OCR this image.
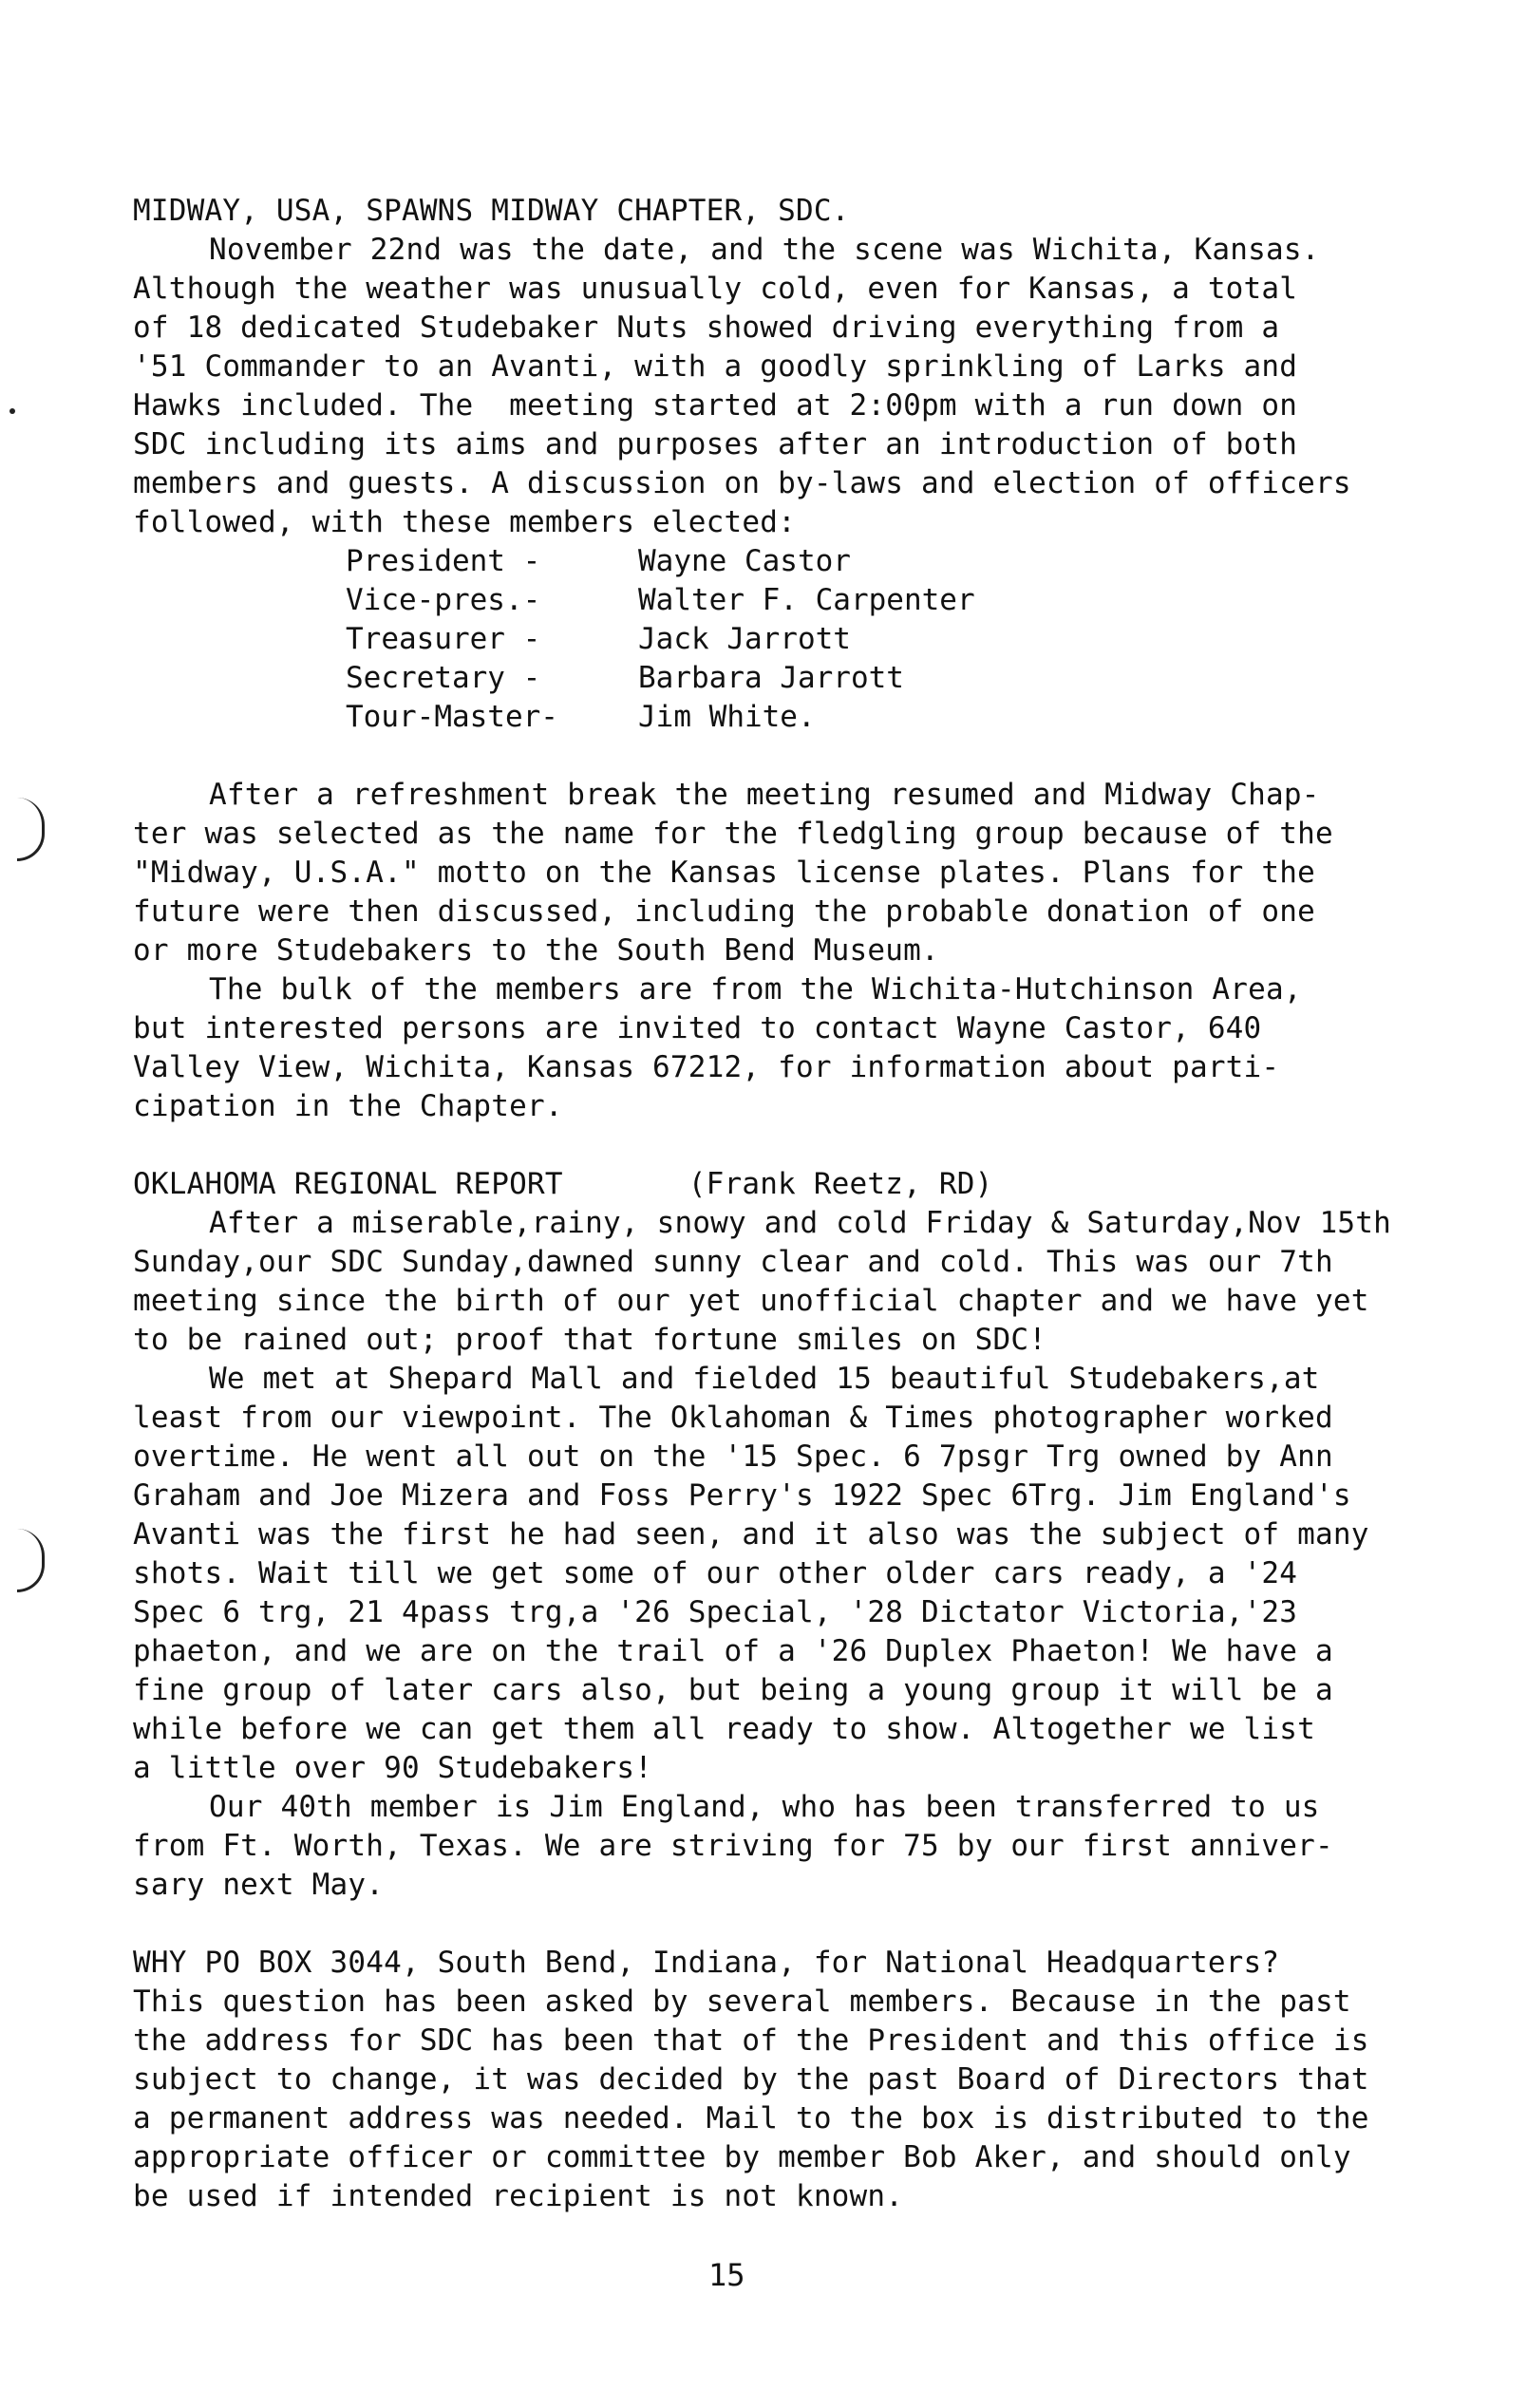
MIDWAY, USA, SPAWNS MIDWAY CHAPTER, SDC.

November 22nd was the date, and the scene was Wichita, Kansas.

Although the weather was unusually cold, even for Kansas, a total

of 18 dedicated Studebaker Nuts showed driving everything from a

'51 Commander to an Avanti, with a goodly sprinkling of Larks and

Hawks included. The  meeting started at 2:00pm with a run down on

SDC including its aims and purposes after an introduction of both

members and guests. A discussion on by-laws and election of officers

followed, with these members elected:

President -	Wayne Castor

Vice-pres.-	Walter F. Carpenter

Treasurer -	Jack Jarrott

Secretary -	Barbara Jarrott

Tour-Master-	Jim White.

After a refreshment break the meeting resumed and Midway Chap-

ter was selected as the name for the fledgling group because of the

"Midway, U.S.A." motto on the Kansas license plates. Plans for the

future were then discussed, including the probable donation of one

or more Studebakers to the South Bend Museum.

The bulk of the members are from the Wichita-Hutchinson Area,

but interested persons are invited to contact Wayne Castor, 640

Valley View, Wichita, Kansas 67212, for information about parti-

cipation in the Chapter.

OKLAHOMA REGIONAL REPORT       (Frank Reetz, RD)

After a miserable,rainy, snowy and cold Friday & Saturday,Nov 15th

Sunday,our SDC Sunday,dawned sunny clear and cold. This was our 7th

meeting since the birth of our yet unofficial chapter and we have yet

to be rained out; proof that fortune smiles on SDC!

We met at Shepard Mall and fielded 15 beautiful Studebakers,at

least from our viewpoint. The Oklahoman & Times photographer worked

overtime. He went all out on the '15 Spec. 6 7psgr Trg owned by Ann

Graham and Joe Mizera and Foss Perry's 1922 Spec 6Trg. Jim England's

Avanti was the first he had seen, and it also was the subject of many

shots. Wait till we get some of our other older cars ready, a '24

Spec 6 trg, 21 4pass trg,a '26 Special, '28 Dictator Victoria,'23

phaeton, and we are on the trail of a '26 Duplex Phaeton! We have a

fine group of later cars also, but being a young group it will be a

while before we can get them all ready to show. Altogether we list

a little over 90 Studebakers!

Our 40th member is Jim England, who has been transferred to us

from Ft. Worth, Texas. We are striving for 75 by our first anniver-

sary next May.

WHY PO BOX 3044, South Bend, Indiana, for National Headquarters?

This question has been asked by several members. Because in the past

the address for SDC has been that of the President and this office is

subject to change, it was decided by the past Board of Directors that

a permanent address was needed. Mail to the box is distributed to the

appropriate officer or committee by member Bob Aker, and should only

be used if intended recipient is not known.

15
